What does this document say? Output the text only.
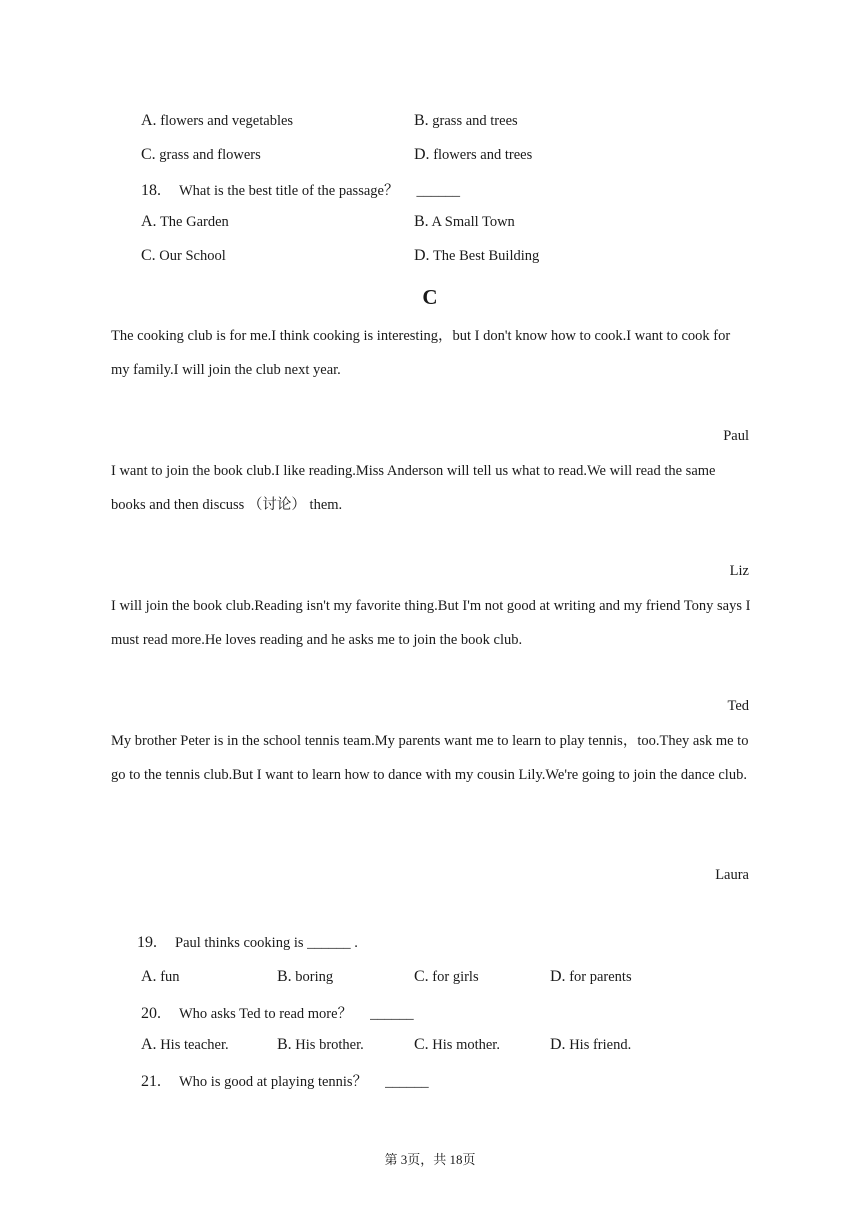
A. flowers and vegetables	B. grass and trees
C. grass and flowers	D. flowers and trees
18. What is the best title of the passage？ ______
A. The Garden	B. A Small Town
C. Our School	D. The Best Building
C
The cooking club is for me.I think cooking is interesting，but I don't know how to cook.I want to cook for my family.I will join the club next year.
Paul
I want to join the book club.I like reading.Miss Anderson will tell us what to read.We will read the same books and then discuss （讨论） them.
Liz
I will join the book club.Reading isn't my favorite thing.But I'm not good at writing and my friend Tony says I must read more.He loves reading and he asks me to join the book club.
Ted
My brother Peter is in the school tennis team.My parents want me to learn to play tennis，too.They ask me to go to the tennis club.But I want to learn how to dance with my cousin Lily.We're going to join the dance club.
Laura
19. Paul thinks cooking is ______ .
A. fun	B. boring	C. for girls	D. for parents
20. Who asks Ted to read more？ ______
A. His teacher.	B. His brother.	C. His mother.	D. His friend.
21. Who is good at playing tennis？ ______
第 3页，共 18页
